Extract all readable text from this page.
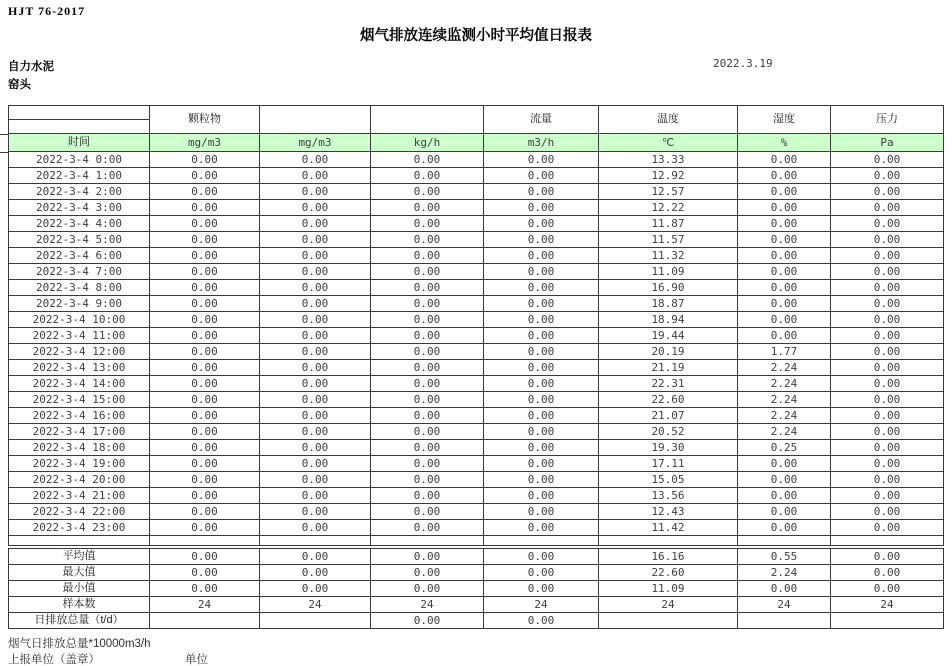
HJT 76-2017
烟气排放连续监测小时平均值日报表
自力水泥
窑头
2022.3.19
	颗粒物			流量	温度	湿度	压力

时间	mg/m3	mg/m3	kg/h	m3/h	℃	%	Pa
2022-3-4 0:00	0.00	0.00	0.00	0.00	13.33	0.00	0.00
2022-3-4 1:00	0.00	0.00	0.00	0.00	12.92	0.00	0.00
2022-3-4 2:00	0.00	0.00	0.00	0.00	12.57	0.00	0.00
2022-3-4 3:00	0.00	0.00	0.00	0.00	12.22	0.00	0.00
2022-3-4 4:00	0.00	0.00	0.00	0.00	11.87	0.00	0.00
2022-3-4 5:00	0.00	0.00	0.00	0.00	11.57	0.00	0.00
2022-3-4 6:00	0.00	0.00	0.00	0.00	11.32	0.00	0.00
2022-3-4 7:00	0.00	0.00	0.00	0.00	11.09	0.00	0.00
2022-3-4 8:00	0.00	0.00	0.00	0.00	16.90	0.00	0.00
2022-3-4 9:00	0.00	0.00	0.00	0.00	18.87	0.00	0.00
2022-3-4 10:00	0.00	0.00	0.00	0.00	18.94	0.00	0.00
2022-3-4 11:00	0.00	0.00	0.00	0.00	19.44	0.00	0.00
2022-3-4 12:00	0.00	0.00	0.00	0.00	20.19	1.77	0.00
2022-3-4 13:00	0.00	0.00	0.00	0.00	21.19	2.24	0.00
2022-3-4 14:00	0.00	0.00	0.00	0.00	22.31	2.24	0.00
2022-3-4 15:00	0.00	0.00	0.00	0.00	22.60	2.24	0.00
2022-3-4 16:00	0.00	0.00	0.00	0.00	21.07	2.24	0.00
2022-3-4 17:00	0.00	0.00	0.00	0.00	20.52	2.24	0.00
2022-3-4 18:00	0.00	0.00	0.00	0.00	19.30	0.25	0.00
2022-3-4 19:00	0.00	0.00	0.00	0.00	17.11	0.00	0.00
2022-3-4 20:00	0.00	0.00	0.00	0.00	15.05	0.00	0.00
2022-3-4 21:00	0.00	0.00	0.00	0.00	13.56	0.00	0.00
2022-3-4 22:00	0.00	0.00	0.00	0.00	12.43	0.00	0.00
2022-3-4 23:00	0.00	0.00	0.00	0.00	11.42	0.00	0.00

平均值	0.00	0.00	0.00	0.00	16.16	0.55	0.00
最大值	0.00	0.00	0.00	0.00	22.60	2.24	0.00
最小值	0.00	0.00	0.00	0.00	11.09	0.00	0.00
样本数	24	24	24	24	24	24	24
日排放总量（t/d）			0.00	0.00			
烟气日排放总量*10000m3/h
上报单位（盖章）	单位
